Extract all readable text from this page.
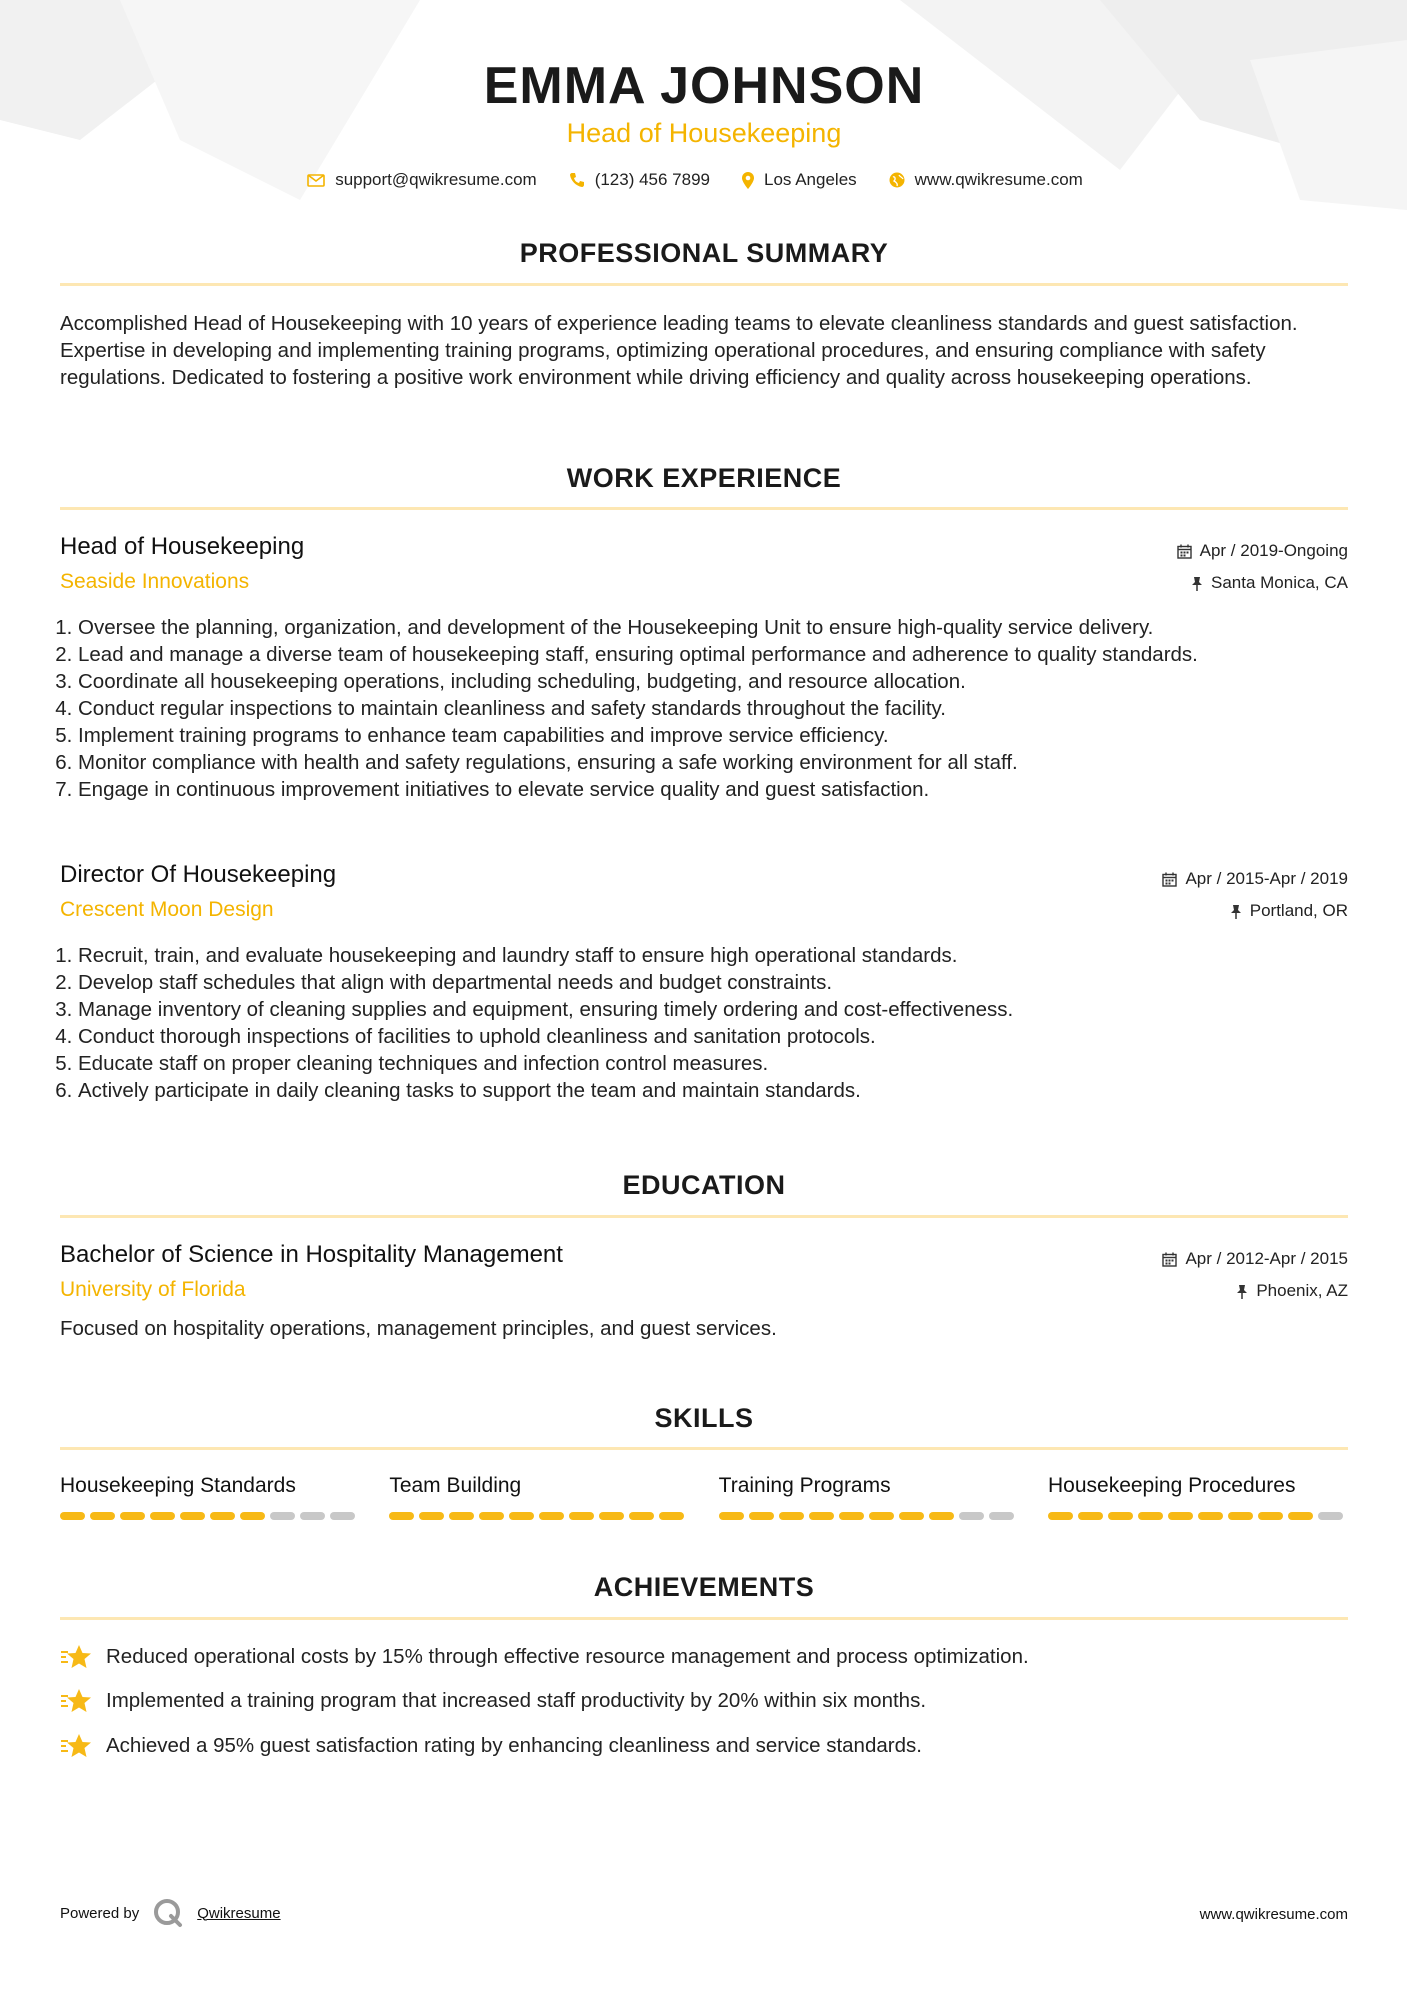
EMMA JOHNSON
Head of Housekeeping
support@qwikresume.com	(123) 456 7899	Los Angeles	www.qwikresume.com
PROFESSIONAL SUMMARY
Accomplished Head of Housekeeping with 10 years of experience leading teams to elevate cleanliness standards and guest satisfaction. Expertise in developing and implementing training programs, optimizing operational procedures, and ensuring compliance with safety regulations. Dedicated to fostering a positive work environment while driving efficiency and quality across housekeeping operations.
WORK EXPERIENCE
Head of Housekeeping
Seaside Innovations
Apr / 2019-Ongoing
Santa Monica, CA
1. Oversee the planning, organization, and development of the Housekeeping Unit to ensure high-quality service delivery.
2. Lead and manage a diverse team of housekeeping staff, ensuring optimal performance and adherence to quality standards.
3. Coordinate all housekeeping operations, including scheduling, budgeting, and resource allocation.
4. Conduct regular inspections to maintain cleanliness and safety standards throughout the facility.
5. Implement training programs to enhance team capabilities and improve service efficiency.
6. Monitor compliance with health and safety regulations, ensuring a safe working environment for all staff.
7. Engage in continuous improvement initiatives to elevate service quality and guest satisfaction.
Director Of Housekeeping
Crescent Moon Design
Apr / 2015-Apr / 2019
Portland, OR
1. Recruit, train, and evaluate housekeeping and laundry staff to ensure high operational standards.
2. Develop staff schedules that align with departmental needs and budget constraints.
3. Manage inventory of cleaning supplies and equipment, ensuring timely ordering and cost-effectiveness.
4. Conduct thorough inspections of facilities to uphold cleanliness and sanitation protocols.
5. Educate staff on proper cleaning techniques and infection control measures.
6. Actively participate in daily cleaning tasks to support the team and maintain standards.
EDUCATION
Bachelor of Science in Hospitality Management
University of Florida
Apr / 2012-Apr / 2015
Phoenix, AZ
Focused on hospitality operations, management principles, and guest services.
SKILLS
Housekeeping Standards	Team Building	Training Programs	Housekeeping Procedures
ACHIEVEMENTS
Reduced operational costs by 15% through effective resource management and process optimization.
Implemented a training program that increased staff productivity by 20% within six months.
Achieved a 95% guest satisfaction rating by enhancing cleanliness and service standards.
Powered by	Qwikresume	www.qwikresume.com
